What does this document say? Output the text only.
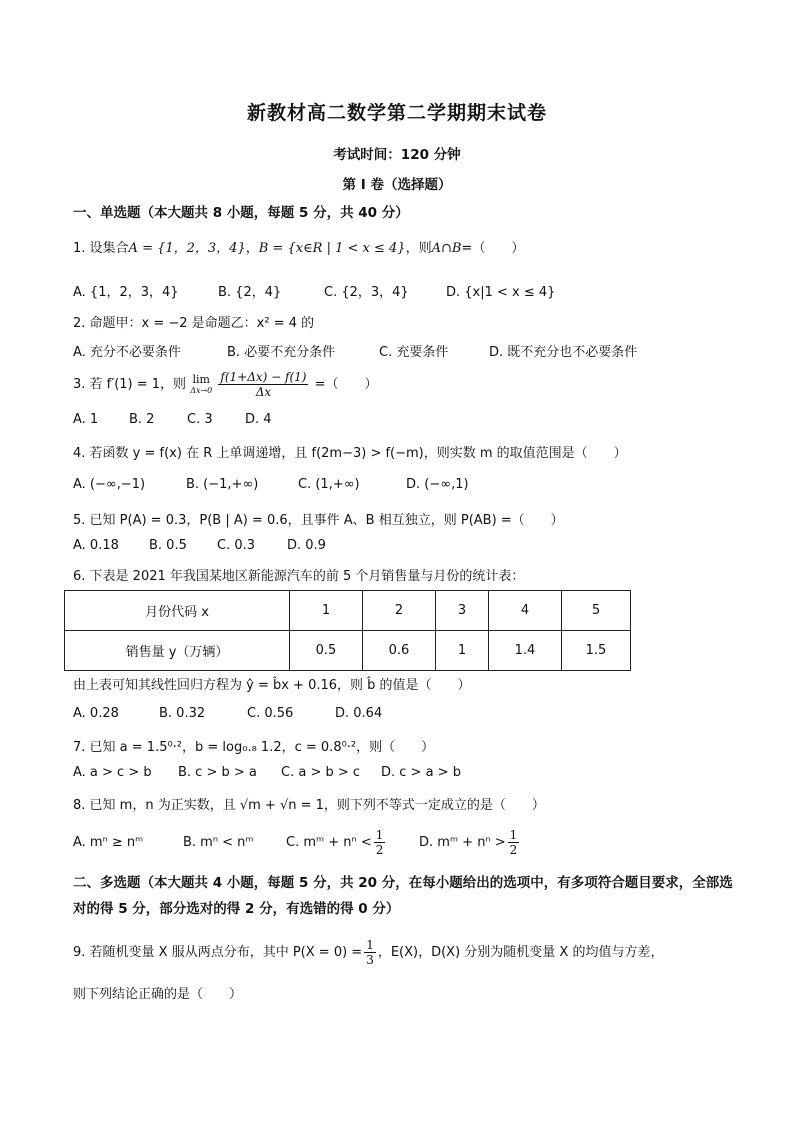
新教材高二数学第二学期期末试卷
考试时间：120 分钟
第 I 卷（选择题）
一、单选题（本大题共 8 小题，每题 5 分，共 40 分）
1. 设集合A = {1，2，3，4}，B = {x∈R | 1 < x ≤ 4}，则A∩B=（　　）
A. {1，2，3，4}	B. {2，4}	C. {2，3，4}	D. {x|1 < x ≤ 4}
2. 命题甲：x = −2 是命题乙：x² = 4 的
A. 充分不必要条件	B. 必要不充分条件	C. 充要条件	D. 既不充分也不必要条件
3. 若 f′(1) = 1，则 lim
Δx→0
$\frac{f(1+\Delta x) - f(1)}{\Delta x}$ =（　　）
A. 1 B. 2	C. 3 D. 4
4. 若函数 y = f(x) 在 R 上单调递增，且 f(2m−3) > f(−m)，则实数 m 的取值范围是（　　）
A. (−∞,−1)	B. (−1,+∞)	C. (1,+∞)	D. (−∞,1)
5. 已知 P(A) = 0.3，P(B | A) = 0.6，且事件 A、B 相互独立，则 P(AB) =（　　）
A. 0.18 B. 0.5 C. 0.3 D. 0.9
6. 下表是 2021 年我国某地区新能源汽车的前 5 个月销售量与月份的统计表：
月份代码 x	1	2	3	4	5
销售量 y（万辆）	0.5	0.6	1	1.4	1.5
由上表可知其线性回归方程为 ŷ = b̂x + 0.16，则 b̂ 的值是（　　）
A. 0.28	B. 0.32	C. 0.56	D. 0.64
7. 已知 a = 1.5⁰·²，b = log₀.₈ 1.2，c = 0.8⁰·²，则（　　）
A. a > c > b B. c > b > a C. a > b > c D. c > a > b
8. 已知 m，n 为正实数，且 √m + √n = 1，则下列不等式一定成立的是（　　）
A. mⁿ ≥ nᵐ	B. mⁿ < nᵐ C. mᵐ + $n^n < \frac{1}{2}$	D. mᵐ + $n^n > \frac{1}{2}$
二、多选题（本大题共 4 小题，每题 5 分，共 20 分，在每小题给出的选项中，有多项符合题目要求，全部选对的得 5 分，部分选对的得 2 分，有选错的得 0 分）
9. 若随机变量 X 服从两点分布，其中 $P(X = 0) = \frac{1}{3}$ ，E(X)，D(X) 分别为随机变量 X 的均值与方差，
则下列结论正确的是（　　）
